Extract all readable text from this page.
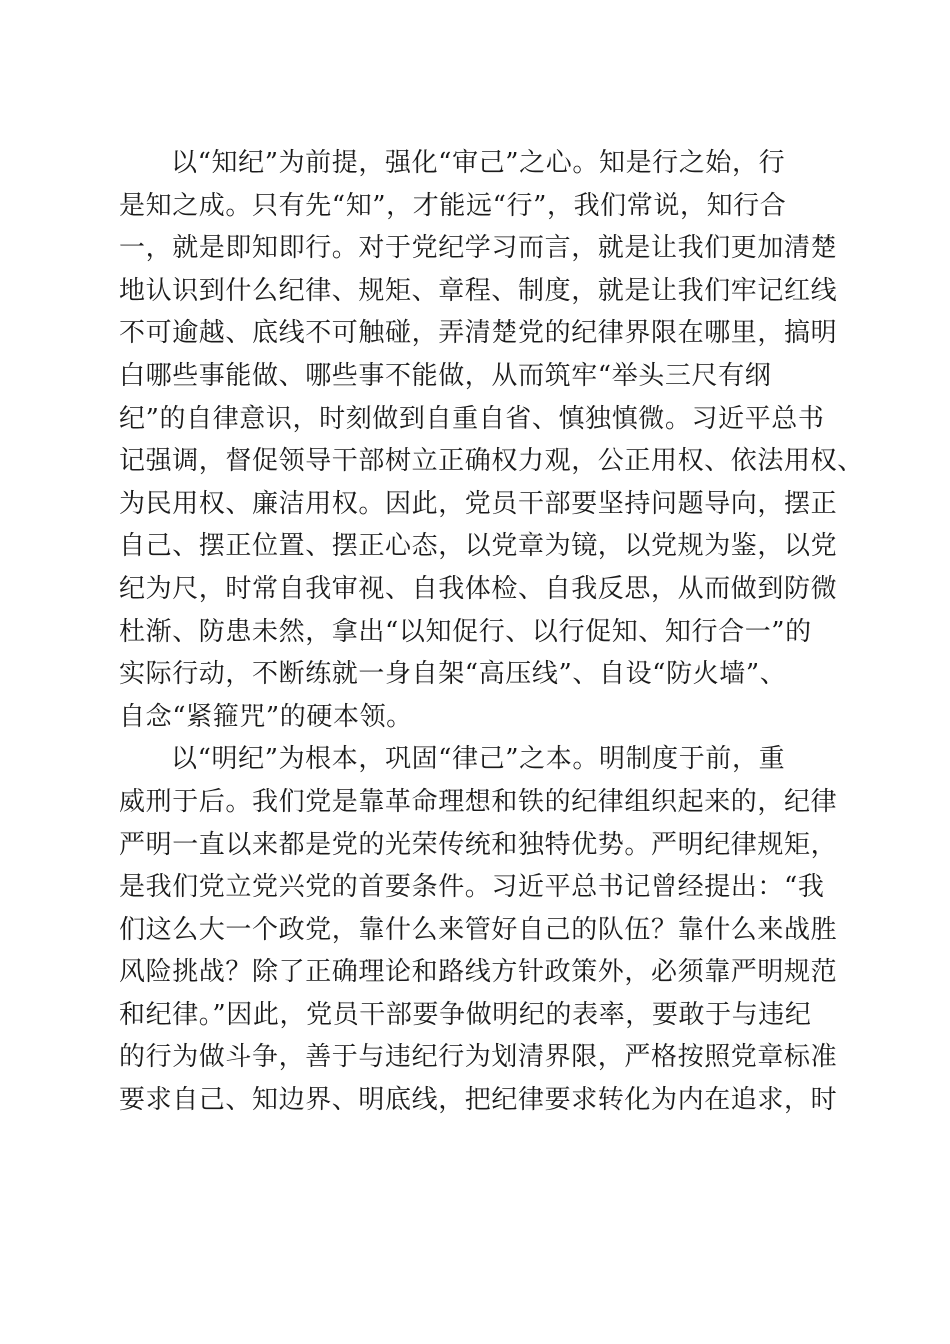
以“知纪”为前提，强化“审己”之心。知是行之始，行
是知之成。只有先“知”，才能远“行”，我们常说，知行合
一，就是即知即行。对于党纪学习而言，就是让我们更加清楚
地认识到什么纪律、规矩、章程、制度，就是让我们牢记红线
不可逾越、底线不可触碰，弄清楚党的纪律界限在哪里，搞明
白哪些事能做、哪些事不能做，从而筑牢“举头三尺有纲
纪”的自律意识，时刻做到自重自省、慎独慎微。习近平总书
记强调，督促领导干部树立正确权力观，公正用权、依法用权、
为民用权、廉洁用权。因此，党员干部要坚持问题导向，摆正
自己、摆正位置、摆正心态，以党章为镜，以党规为鉴，以党
纪为尺，时常自我审视、自我体检、自我反思，从而做到防微
杜渐、防患未然，拿出“以知促行、以行促知、知行合一”的
实际行动，不断练就一身自架“高压线”、自设“防火墙”、
自念“紧箍咒”的硬本领。
以“明纪”为根本，巩固“律己”之本。明制度于前，重
威刑于后。我们党是靠革命理想和铁的纪律组织起来的，纪律
严明一直以来都是党的光荣传统和独特优势。严明纪律规矩，
是我们党立党兴党的首要条件。习近平总书记曾经提出：“我
们这么大一个政党，靠什么来管好自己的队伍？靠什么来战胜
风险挑战？除了正确理论和路线方针政策外，必须靠严明规范
和纪律。”因此，党员干部要争做明纪的表率，要敢于与违纪
的行为做斗争，善于与违纪行为划清界限，严格按照党章标准
要求自己、知边界、明底线，把纪律要求转化为内在追求，时
